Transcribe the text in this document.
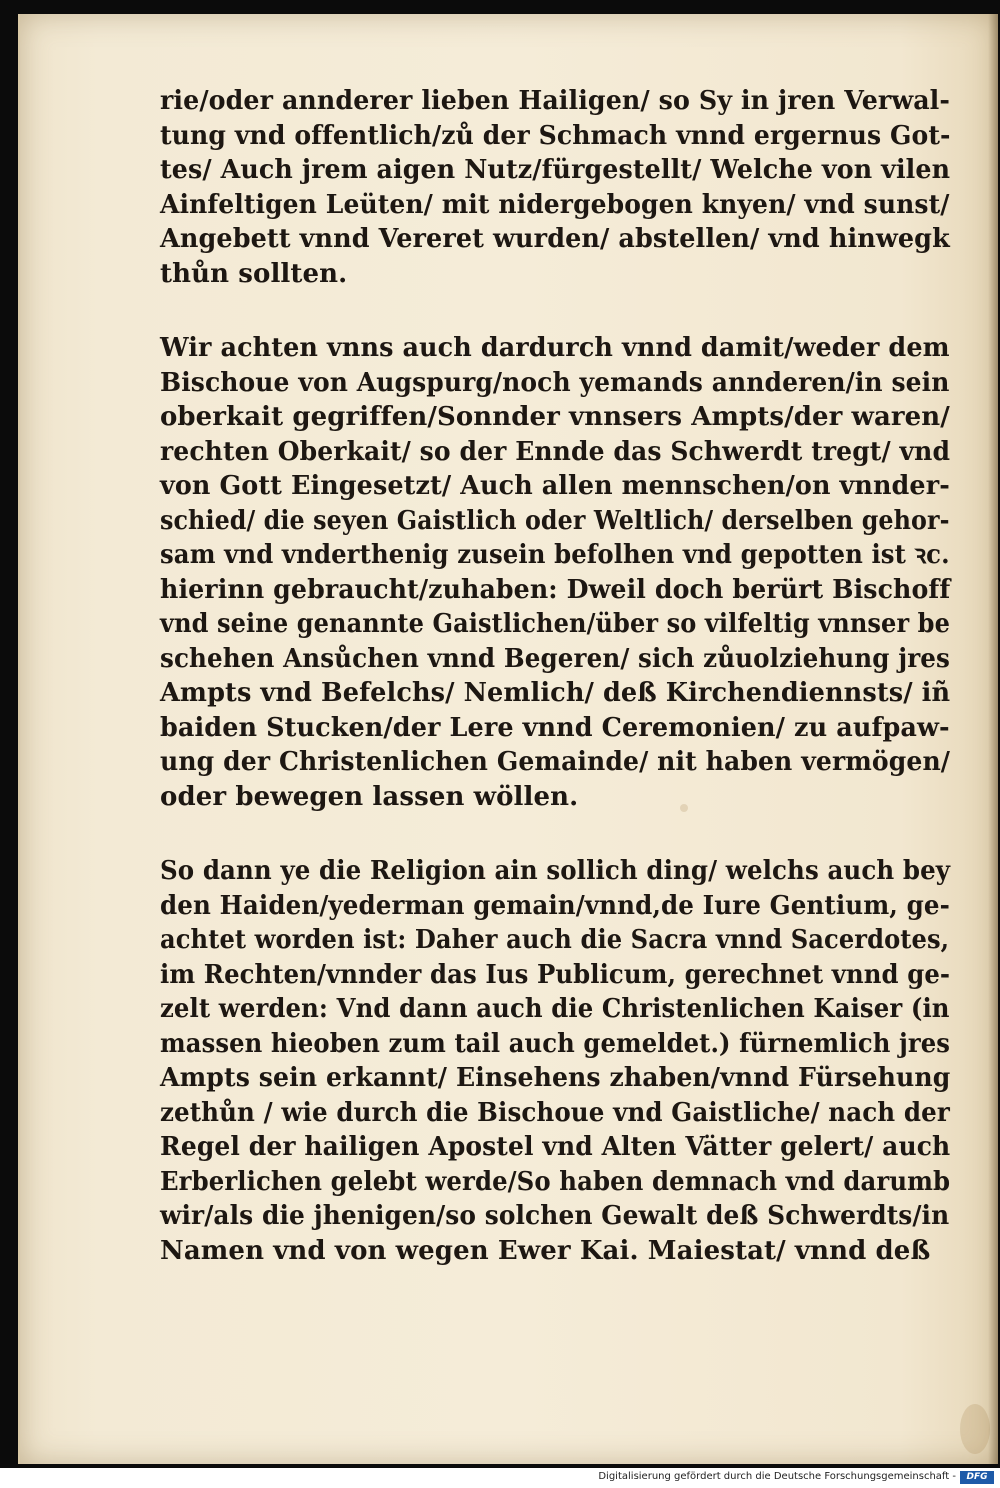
rie/oder annderer lieben Hailigen/ so Sy in jren Verwal-
tung vnd offentlich/zů der Schmach vnnd ergernus Got-
tes/ Auch jrem aigen Nutz/fürgestellt/ Welche von vilen
Ainfeltigen Leüten/ mit nidergebogen knyen/ vnd sunst/
Angebett vnnd Vereret wurden/ abstellen/ vnd hinwegk
thůn sollten.
Wir achten vnns auch dardurch vnnd damit/weder dem
Bischoue von Augspurg/noch yemands annderen/in sein
oberkait gegriffen/Sonnder vnnsers Ampts/der waren/
rechten Oberkait/ so der Ennde das Schwerdt tregt/ vnd
von Gott Eingesetzt/ Auch allen mennschen/on vnnder-
schied/ die seyen Gaistlich oder Weltlich/ derselben gehor-
sam vnd vnderthenig zusein befolhen vnd gepotten ist ꝛc.
hierinn gebraucht/zuhaben: Dweil doch berürt Bischoff
vnd seine genannte Gaistlichen/über so vilfeltig vnnser be
schehen Ansůchen vnnd Begeren/ sich zůuolziehung jres
Ampts vnd Befelchs/ Nemlich/ deß Kirchendiennsts/ iñ
baiden Stucken/der Lere vnnd Ceremonien/ zu aufpaw-
ung der Christenlichen Gemainde/ nit haben vermögen/
oder bewegen lassen wöllen.
So dann ye die Religion ain sollich ding/ welchs auch bey
den Haiden/yederman gemain/vnnd,de Iure Gentium, ge-
achtet worden ist: Daher auch die Sacra vnnd Sacerdotes,
im Rechten/vnnder das Ius Publicum, gerechnet vnnd ge-
zelt werden: Vnd dann auch die Christenlichen Kaiser (in
massen hieoben zum tail auch gemeldet.) fürnemlich jres
Ampts sein erkannt/ Einsehens zhaben/vnnd Fürsehung
zethůn / wie durch die Bischoue vnd Gaistliche/ nach der
Regel der hailigen Apostel vnd Alten Vätter gelert/ auch
Erberlichen gelebt werde/So haben demnach vnd darumb
wir/als die jhenigen/so solchen Gewalt deß Schwerdts/in
Namen vnd von wegen Ewer Kai. Maiestat/ vnnd deß
Digitalisierung gefördert durch die Deutsche Forschungsgemeinschaft -	DFG
